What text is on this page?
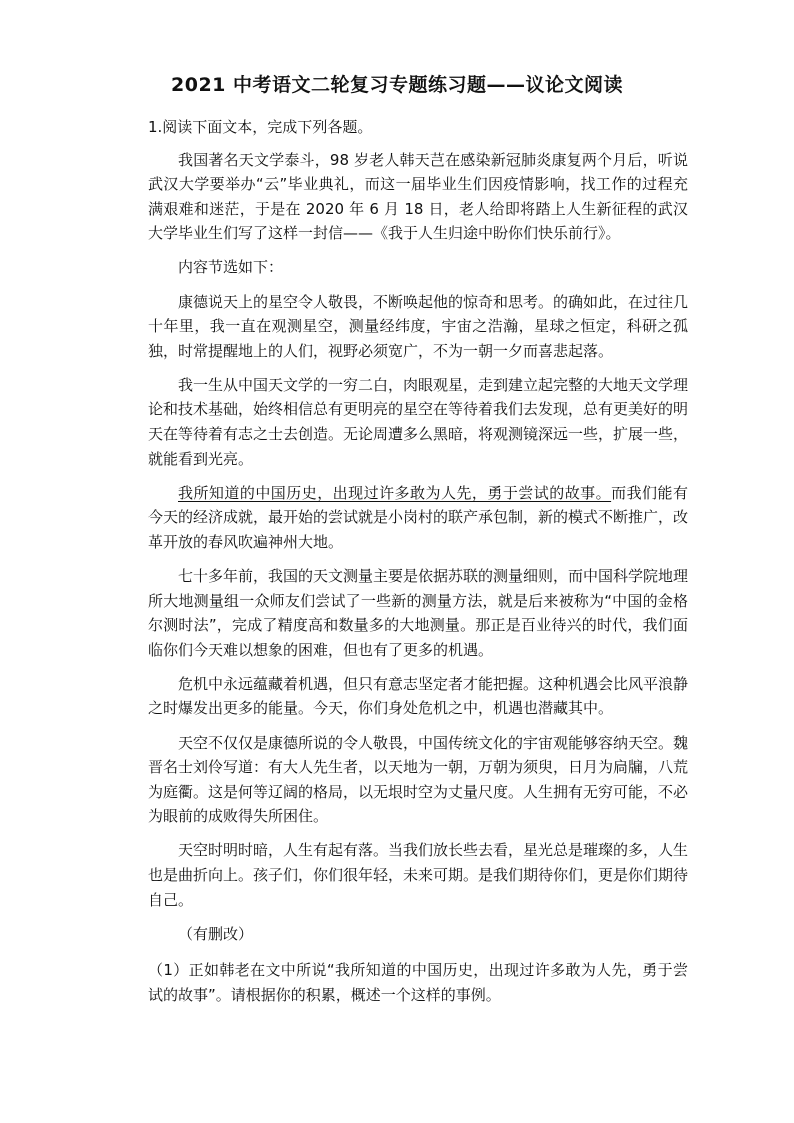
2021 中考语文二轮复习专题练习题——议论文阅读

1.阅读下面文本，完成下列各题。

我国著名天文学泰斗，98 岁老人韩天芑在感染新冠肺炎康复两个月后，听说武汉大学要举办“云”毕业典礼，而这一届毕业生们因疫情影响，找工作的过程充满艰难和迷茫，于是在 2020 年 6 月 18 日，老人给即将踏上人生新征程的武汉大学毕业生们写了这样一封信——《我于人生归途中盼你们快乐前行》。

内容节选如下：

康德说天上的星空令人敬畏，不断唤起他的惊奇和思考。的确如此，在过往几十年里，我一直在观测星空，测量经纬度，宇宙之浩瀚，星球之恒定，科研之孤独，时常提醒地上的人们，视野必须宽广，不为一朝一夕而喜悲起落。

我一生从中国天文学的一穷二白，肉眼观星，走到建立起完整的大地天文学理论和技术基础，始终相信总有更明亮的星空在等待着我们去发现，总有更美好的明天在等待着有志之士去创造。无论周遭多么黑暗，将观测镜深远一些，扩展一些，就能看到光亮。

我所知道的中国历史，出现过许多敢为人先，勇于尝试的故事。而我们能有今天的经济成就，最开始的尝试就是小岗村的联产承包制，新的模式不断推广，改革开放的春风吹遍神州大地。

七十多年前，我国的天文测量主要是依据苏联的测量细则，而中国科学院地理所大地测量组一众师友们尝试了一些新的测量方法，就是后来被称为“中国的金格尔测时法”，完成了精度高和数量多的大地测量。那正是百业待兴的时代，我们面临你们今天难以想象的困难，但也有了更多的机遇。

危机中永远蕴藏着机遇，但只有意志坚定者才能把握。这种机遇会比风平浪静之时爆发出更多的能量。今天，你们身处危机之中，机遇也潜藏其中。

天空不仅仅是康德所说的令人敬畏，中国传统文化的宇宙观能够容纳天空。魏晋名士刘伶写道：有大人先生者，以天地为一朝，万朝为须臾，日月为扃牖，八荒为庭衢。这是何等辽阔的格局，以无垠时空为丈量尺度。人生拥有无穷可能，不必为眼前的成败得失所困住。

天空时明时暗，人生有起有落。当我们放长些去看，星光总是璀璨的多，人生也是曲折向上。孩子们，你们很年轻，未来可期。是我们期待你们，更是你们期待自己。

（有删改）

（1）正如韩老在文中所说“我所知道的中国历史，出现过许多敢为人先，勇于尝试的故事”。请根据你的积累，概述一个这样的事例。
